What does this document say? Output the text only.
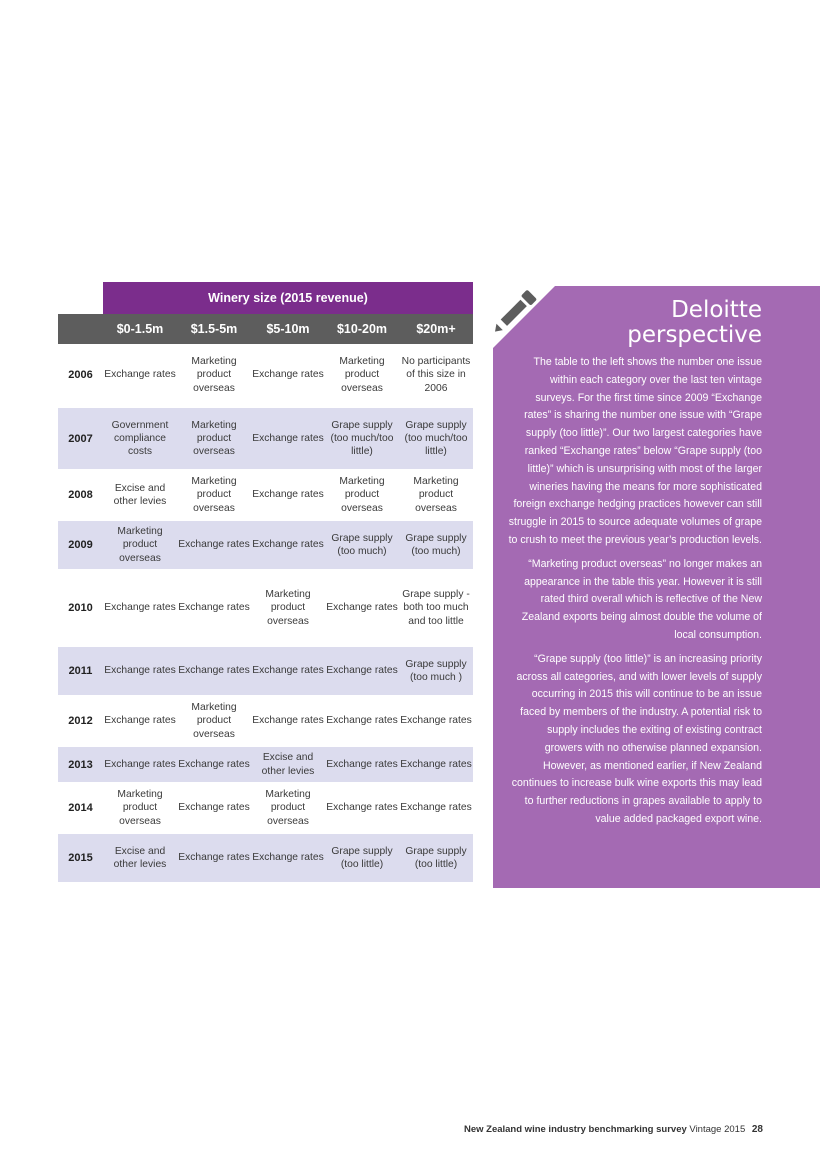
	Winery size (2015 revenue)				
	$0-1.5m	$1.5-5m	$5-10m	$10-20m	$20m+
2006	Exchange rates	Marketing product overseas	Exchange rates	Marketing product overseas	No participants of this size in 2006
2007	Government compliance costs	Marketing product overseas	Exchange rates	Grape supply (too much/too little)	Grape supply (too much/too little)
2008	Excise and other levies	Marketing product overseas	Exchange rates	Marketing product overseas	Marketing product overseas
2009	Marketing product overseas	Exchange rates	Exchange rates	Grape supply (too much)	Grape supply (too much)
2010	Exchange rates	Exchange rates	Marketing product overseas	Exchange rates	Grape supply - both too much and too little
2011	Exchange rates	Exchange rates	Exchange rates	Exchange rates	Grape supply (too much )
2012	Exchange rates	Marketing product overseas	Exchange rates	Exchange rates	Exchange rates
2013	Exchange rates	Exchange rates	Excise and other levies	Exchange rates	Exchange rates
2014	Marketing product overseas	Exchange rates	Marketing product overseas	Exchange rates	Exchange rates
2015	Excise and other levies	Exchange rates	Exchange rates	Grape supply (too little)	Grape supply (too little)
Deloitte
perspective

The table to the left shows the number one issue within each category over the last ten vintage surveys. For the first time since 2009 “Exchange rates” is sharing the number one issue with “Grape supply (too little)”. Our two largest categories have ranked “Exchange rates” below “Grape supply (too little)” which is unsurprising with most of the larger wineries having the means for more sophisticated foreign exchange hedging practices however can still struggle in 2015 to source adequate volumes of grape to crush to meet the previous year’s production levels.

“Marketing product overseas” no longer makes an appearance in the table this year. However it is still rated third overall which is reflective of the New Zealand exports being almost double the volume of local consumption.

“Grape supply (too little)” is an increasing priority across all categories, and with lower levels of supply occurring in 2015 this will continue to be an issue faced by members of the industry. A potential risk to supply includes the exiting of existing contract growers with no otherwise planned expansion. However, as mentioned earlier, if New Zealand continues to increase bulk wine exports this may lead to further reductions in grapes available to apply to value added packaged export wine.

New Zealand wine industry benchmarking survey Vintage 2015 28
